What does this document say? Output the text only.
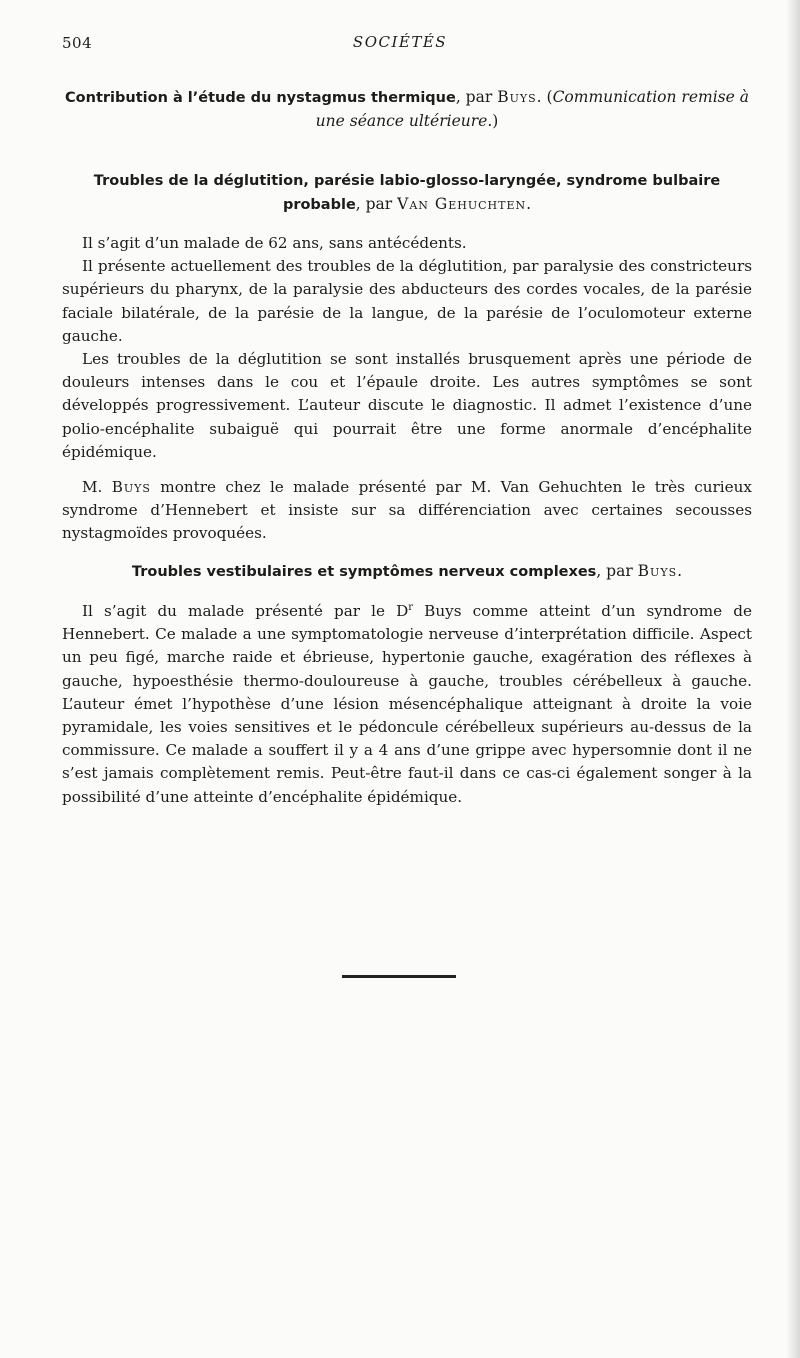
504	SOCIÉTÉS
Contribution à l’étude du nystagmus thermique, par Buys. (Communication remise à une séance ultérieure.)
Troubles de la déglutition, parésie labio-glosso-laryngée, syndrome bulbaire
probable, par Van Gehuchten.

Il s’agit d’un malade de 62 ans, sans antécédents.

Il présente actuellement des troubles de la déglutition, par paralysie des constricteurs supérieurs du pharynx, de la paralysie des abducteurs des cordes vocales, de la parésie faciale bilatérale, de la parésie de la langue, de la parésie de l’oculomoteur externe gauche.

Les troubles de la déglutition se sont installés brusquement après une période de douleurs intenses dans le cou et l’épaule droite. Les autres symptômes se sont développés progressivement. L’auteur discute le diagnostic. Il admet l’existence d’une polio-encéphalite subaiguë qui pourrait être une forme anormale d’encéphalite épidémique.

M. Buys montre chez le malade présenté par M. Van Gehuchten le très curieux syndrome d’Hennebert et insiste sur sa différenciation avec certaines secousses nystagmoïdes provoquées.

Troubles vestibulaires et symptômes nerveux complexes, par Buys.

Il s’agit du malade présenté par le $D^r$ Buys comme atteint d’un syndrome de Hennebert. Ce malade a une symptomatologie nerveuse d’interprétation difficile. Aspect un peu figé, marche raide et ébrieuse, hypertonie gauche, exagération des réflexes à gauche, hypoesthésie thermo-douloureuse à gauche, troubles cérébelleux à gauche. L’auteur émet l’hypothèse d’une lésion mésencéphalique atteignant à droite la voie pyramidale, les voies sensitives et le pédoncule cérébelleux supérieurs au-dessus de la commissure. Ce malade a souffert il y a 4 ans d’une grippe avec hypersomnie dont il ne s’est jamais complètement remis. Peut-être faut-il dans ce cas-ci également songer à la possibilité d’une atteinte d’encéphalite épidémique.
